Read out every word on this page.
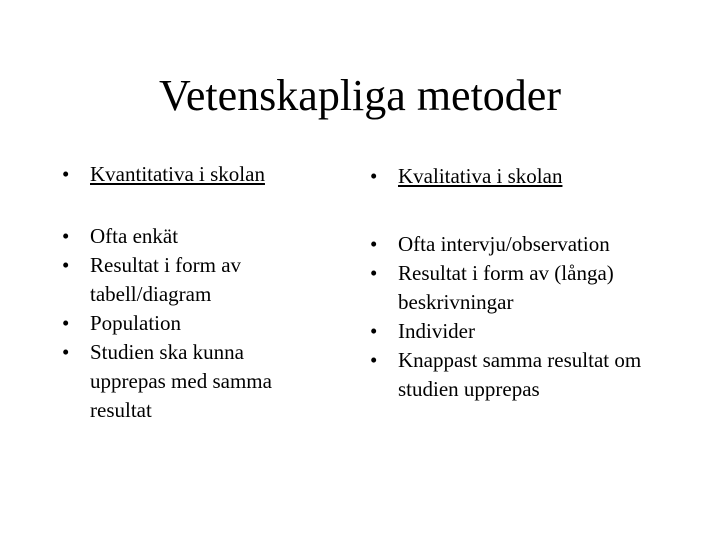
Vetenskapliga metoder
• Kvantitativa i skolan
• Ofta enkät
• Resultat i form av tabell/diagram
• Population
• Studien ska kunna upprepas med samma resultat
• Kvalitativa i skolan
• Ofta intervju/observation
• Resultat i form av (långa) beskrivningar
• Individer
• Knappast samma resultat om studien upprepas
